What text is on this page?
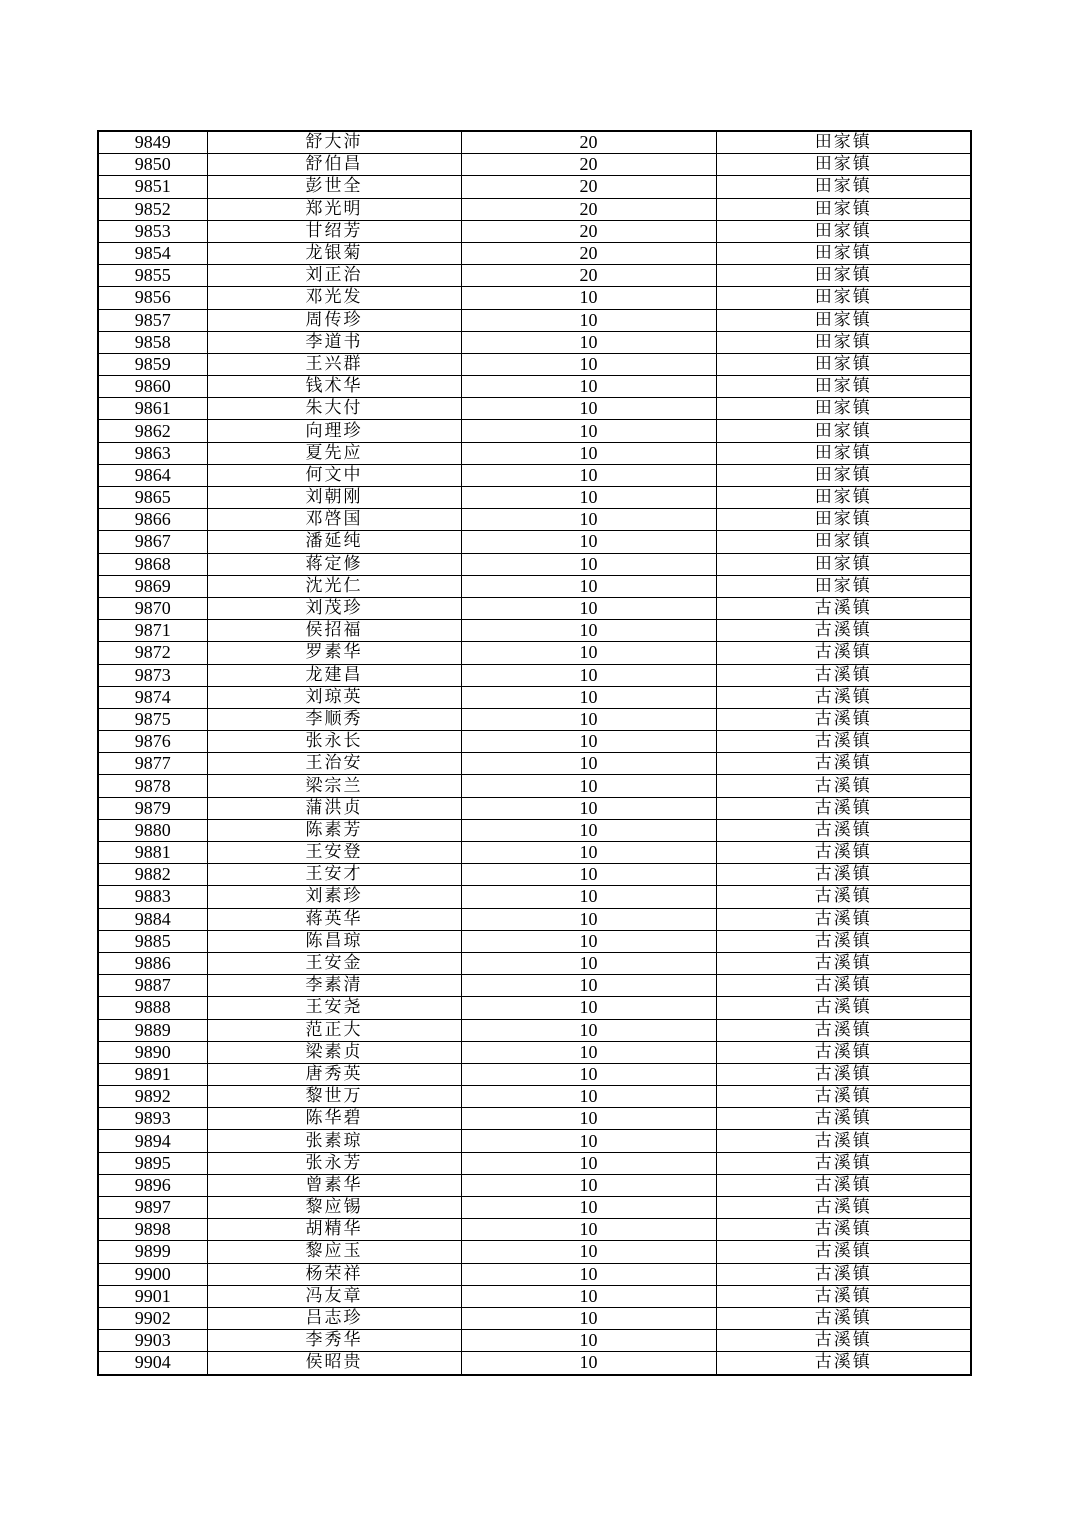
9849	舒大沛	20	田家镇
9850	舒伯昌	20	田家镇
9851	彭世全	20	田家镇
9852	郑光明	20	田家镇
9853	甘绍芳	20	田家镇
9854	龙银菊	20	田家镇
9855	刘正治	20	田家镇
9856	邓光发	10	田家镇
9857	周传珍	10	田家镇
9858	李道书	10	田家镇
9859	王兴群	10	田家镇
9860	钱术华	10	田家镇
9861	朱大付	10	田家镇
9862	向理珍	10	田家镇
9863	夏先应	10	田家镇
9864	何文中	10	田家镇
9865	刘朝刚	10	田家镇
9866	邓啓国	10	田家镇
9867	潘延纯	10	田家镇
9868	蒋定修	10	田家镇
9869	沈光仁	10	田家镇
9870	刘茂珍	10	古溪镇
9871	侯招福	10	古溪镇
9872	罗素华	10	古溪镇
9873	龙建昌	10	古溪镇
9874	刘琼英	10	古溪镇
9875	李顺秀	10	古溪镇
9876	张永长	10	古溪镇
9877	王治安	10	古溪镇
9878	梁宗兰	10	古溪镇
9879	蒲洪贞	10	古溪镇
9880	陈素芳	10	古溪镇
9881	王安登	10	古溪镇
9882	王安才	10	古溪镇
9883	刘素珍	10	古溪镇
9884	蒋英华	10	古溪镇
9885	陈昌琼	10	古溪镇
9886	王安金	10	古溪镇
9887	李素清	10	古溪镇
9888	王安尧	10	古溪镇
9889	范正大	10	古溪镇
9890	梁素贞	10	古溪镇
9891	唐秀英	10	古溪镇
9892	黎世万	10	古溪镇
9893	陈华碧	10	古溪镇
9894	张素琼	10	古溪镇
9895	张永芳	10	古溪镇
9896	曾素华	10	古溪镇
9897	黎应锡	10	古溪镇
9898	胡精华	10	古溪镇
9899	黎应玉	10	古溪镇
9900	杨荣祥	10	古溪镇
9901	冯友章	10	古溪镇
9902	吕志珍	10	古溪镇
9903	李秀华	10	古溪镇
9904	侯昭贵	10	古溪镇
